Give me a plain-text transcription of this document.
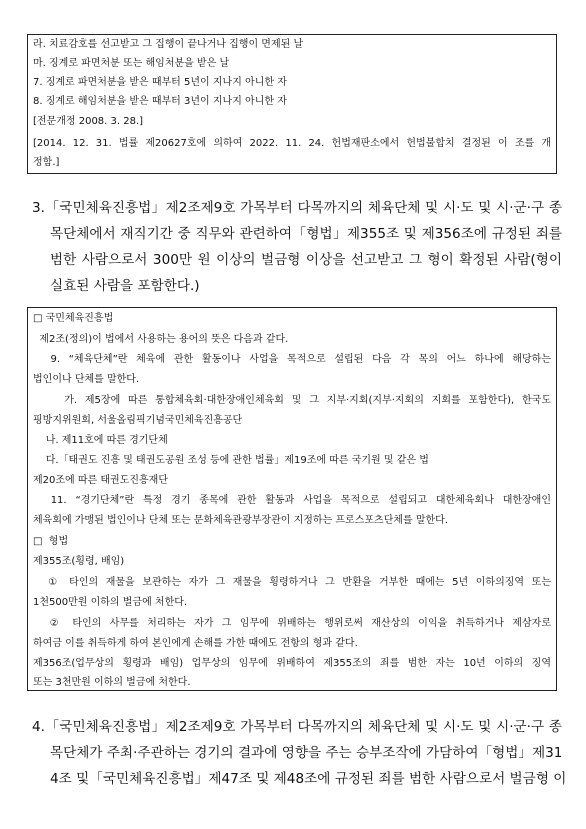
라. 치료감호를 선고받고 그 집행이 끝나거나 집행이 면제된 날
마. 징계로 파면처분 또는 해임처분을 받은 날
7. 징계로 파면처분을 받은 때부터 5년이 지나지 아니한 자
8. 징계로 해임처분을 받은 때부터 3년이 지나지 아니한 자
[전문개정 2008. 3. 28.]
[2014. 12. 31. 법률 제20627호에 의하여 2022. 11. 24. 헌법재판소에서 헌법불합치 결정된 이 조를 개
정함.]
3.「국민체육진흥법」제2조제9호 가목부터 다목까지의 체육단체 및 시·도 및 시·군·구 종
목단체에서 재직기간 중 직무와 관련하여「형법」제355조 및 제356조에 규정된 죄를
범한 사람으로서 300만 원 이상의 벌금형 이상을 선고받고 그 형이 확정된 사람(형이
실효된 사람을 포함한다.)
□ 국민체육진흥법
제2조(정의)이 법에서 사용하는 용어의 뜻은 다음과 같다.
9. “체육단체”란 체육에 관한 활동이나 사업을 목적으로 설립된 다음 각 목의 어느 하나에 해당하는
법인이나 단체를 말한다.
가. 제5장에 따른 통합체육회·대한장애인체육회 및 그 지부·지회(지부·지회의 지회를 포함한다), 한국도
핑방지위원회, 서울올림픽기념국민체육진흥공단
나. 제11호에 따른 경기단체
다.「태권도 진흥 및 태권도공원 조성 등에 관한 법률」제19조에 따른 국기원 및 같은 법
제20조에 따른 태권도진흥재단
11. “경기단체”란 특정 경기 종목에 관한 활동과 사업을 목적으로 설립되고 대한체육회나 대한장애인
체육회에 가맹된 법인이나 단체 또는 문화체육관광부장관이 지정하는 프로스포츠단체를 말한다.
□  형법
제355조(횡령, 배임)
① 타인의 재물을 보관하는 자가 그 재물을 횡령하거나 그 반환을 거부한 때에는 5년 이하의징역 또는
1천500만원 이하의 벌금에 처한다.
② 타인의 사무를 처리하는 자가 그 임무에 위배하는 행위로써 재산상의 이익을 취득하거나 제삼자로
하여금 이를 취득하게 하여 본인에게 손해를 가한 때에도 전항의 형과 같다.
제356조(업무상의 횡령과 배임) 업무상의 임무에 위배하여 제355조의 죄를 범한 자는 10년 이하의 징역
또는 3천만원 이하의 벌금에 처한다.
4.「국민체육진흥법」제2조제9호 가목부터 다목까지의 체육단체 및 시·도 및 시·군·구 종
목단체가 주최·주관하는 경기의 결과에 영향을 주는 승부조작에 가담하여「형법」제31
4조 및「국민체육진흥법」제47조 및 제48조에 규정된 죄를 범한 사람으로서 벌금형 이
